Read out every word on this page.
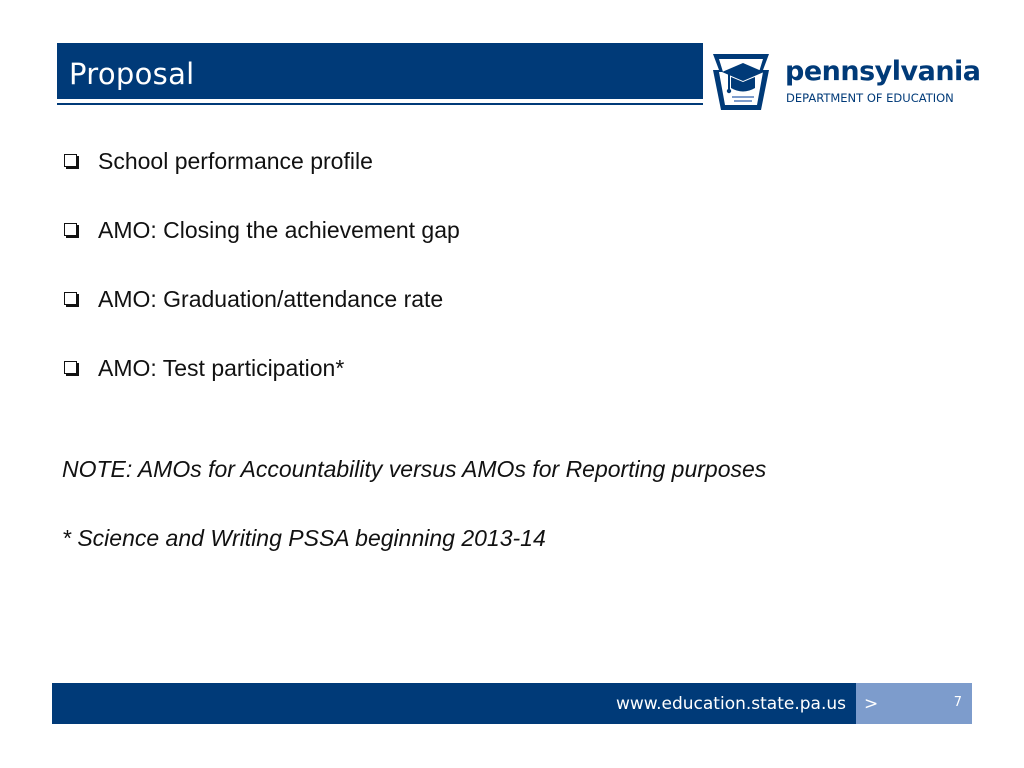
Proposal	pennsylvania
DEPARTMENT OF EDUCATION
School performance profile
AMO: Closing the achievement gap
AMO: Graduation/attendance rate
AMO: Test participation*
NOTE: AMOs for Accountability versus AMOs for Reporting purposes
* Science and Writing PSSA beginning 2013-14
www.education.state.pa.us >	7
